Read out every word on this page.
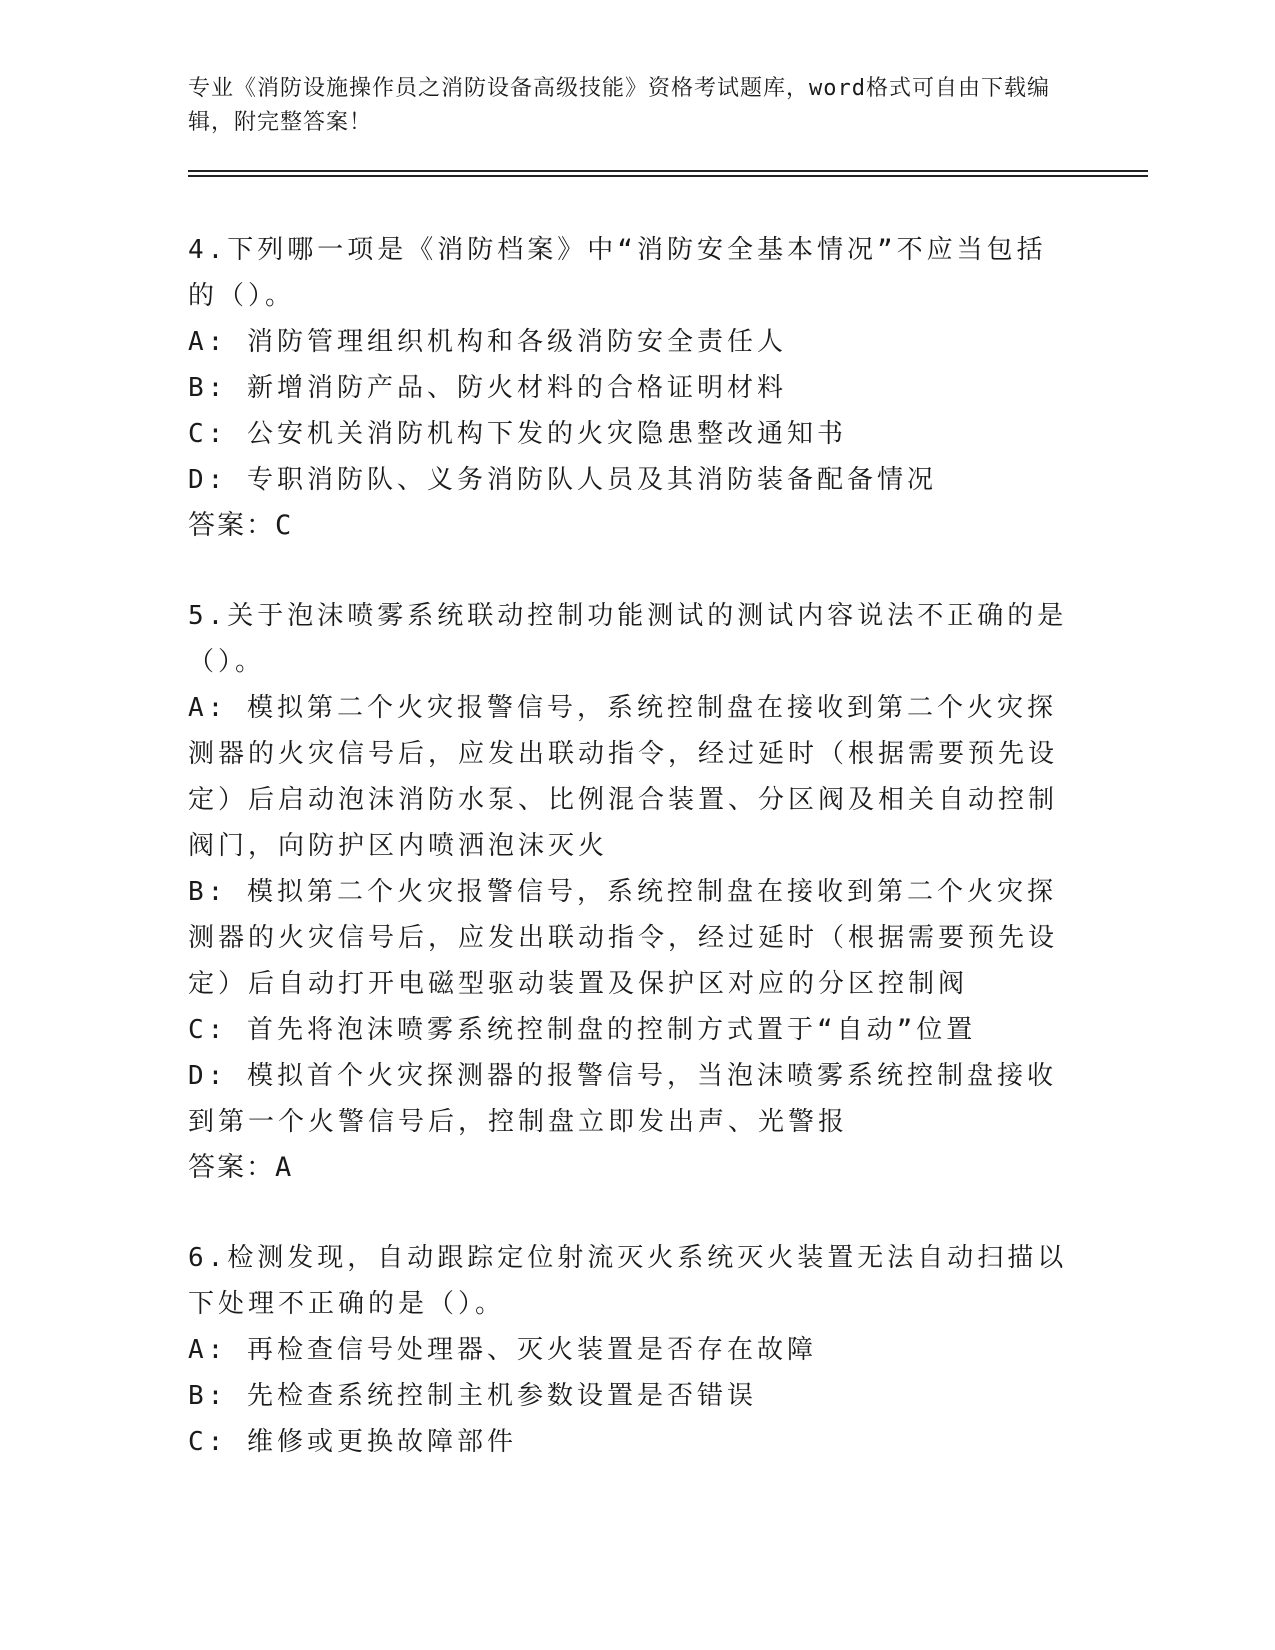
专业《消防设施操作员之消防设备高级技能》资格考试题库，word格式可自由下载编辑，附完整答案！

4.下列哪一项是《消防档案》中“消防安全基本情况”不应当包括的（）。

A: 消防管理组织机构和各级消防安全责任人

B: 新增消防产品、防火材料的合格证明材料

C: 公安机关消防机构下发的火灾隐患整改通知书

D: 专职消防队、义务消防队人员及其消防装备配备情况

答案：C

5.关于泡沫喷雾系统联动控制功能测试的测试内容说法不正确的是（）。

A: 模拟第二个火灾报警信号，系统控制盘在接收到第二个火灾探测器的火灾信号后，应发出联动指令，经过延时（根据需要预先设定）后启动泡沫消防水泵、比例混合装置、分区阀及相关自动控制阀门，向防护区内喷洒泡沫灭火

B: 模拟第二个火灾报警信号，系统控制盘在接收到第二个火灾探测器的火灾信号后，应发出联动指令，经过延时（根据需要预先设定）后自动打开电磁型驱动装置及保护区对应的分区控制阀

C: 首先将泡沫喷雾系统控制盘的控制方式置于“自动”位置

D: 模拟首个火灾探测器的报警信号，当泡沫喷雾系统控制盘接收到第一个火警信号后，控制盘立即发出声、光警报

答案：A

6.检测发现，自动跟踪定位射流灭火系统灭火装置无法自动扫描以下处理不正确的是（）。

A: 再检查信号处理器、灭火装置是否存在故障

B: 先检查系统控制主机参数设置是否错误

C: 维修或更换故障部件
